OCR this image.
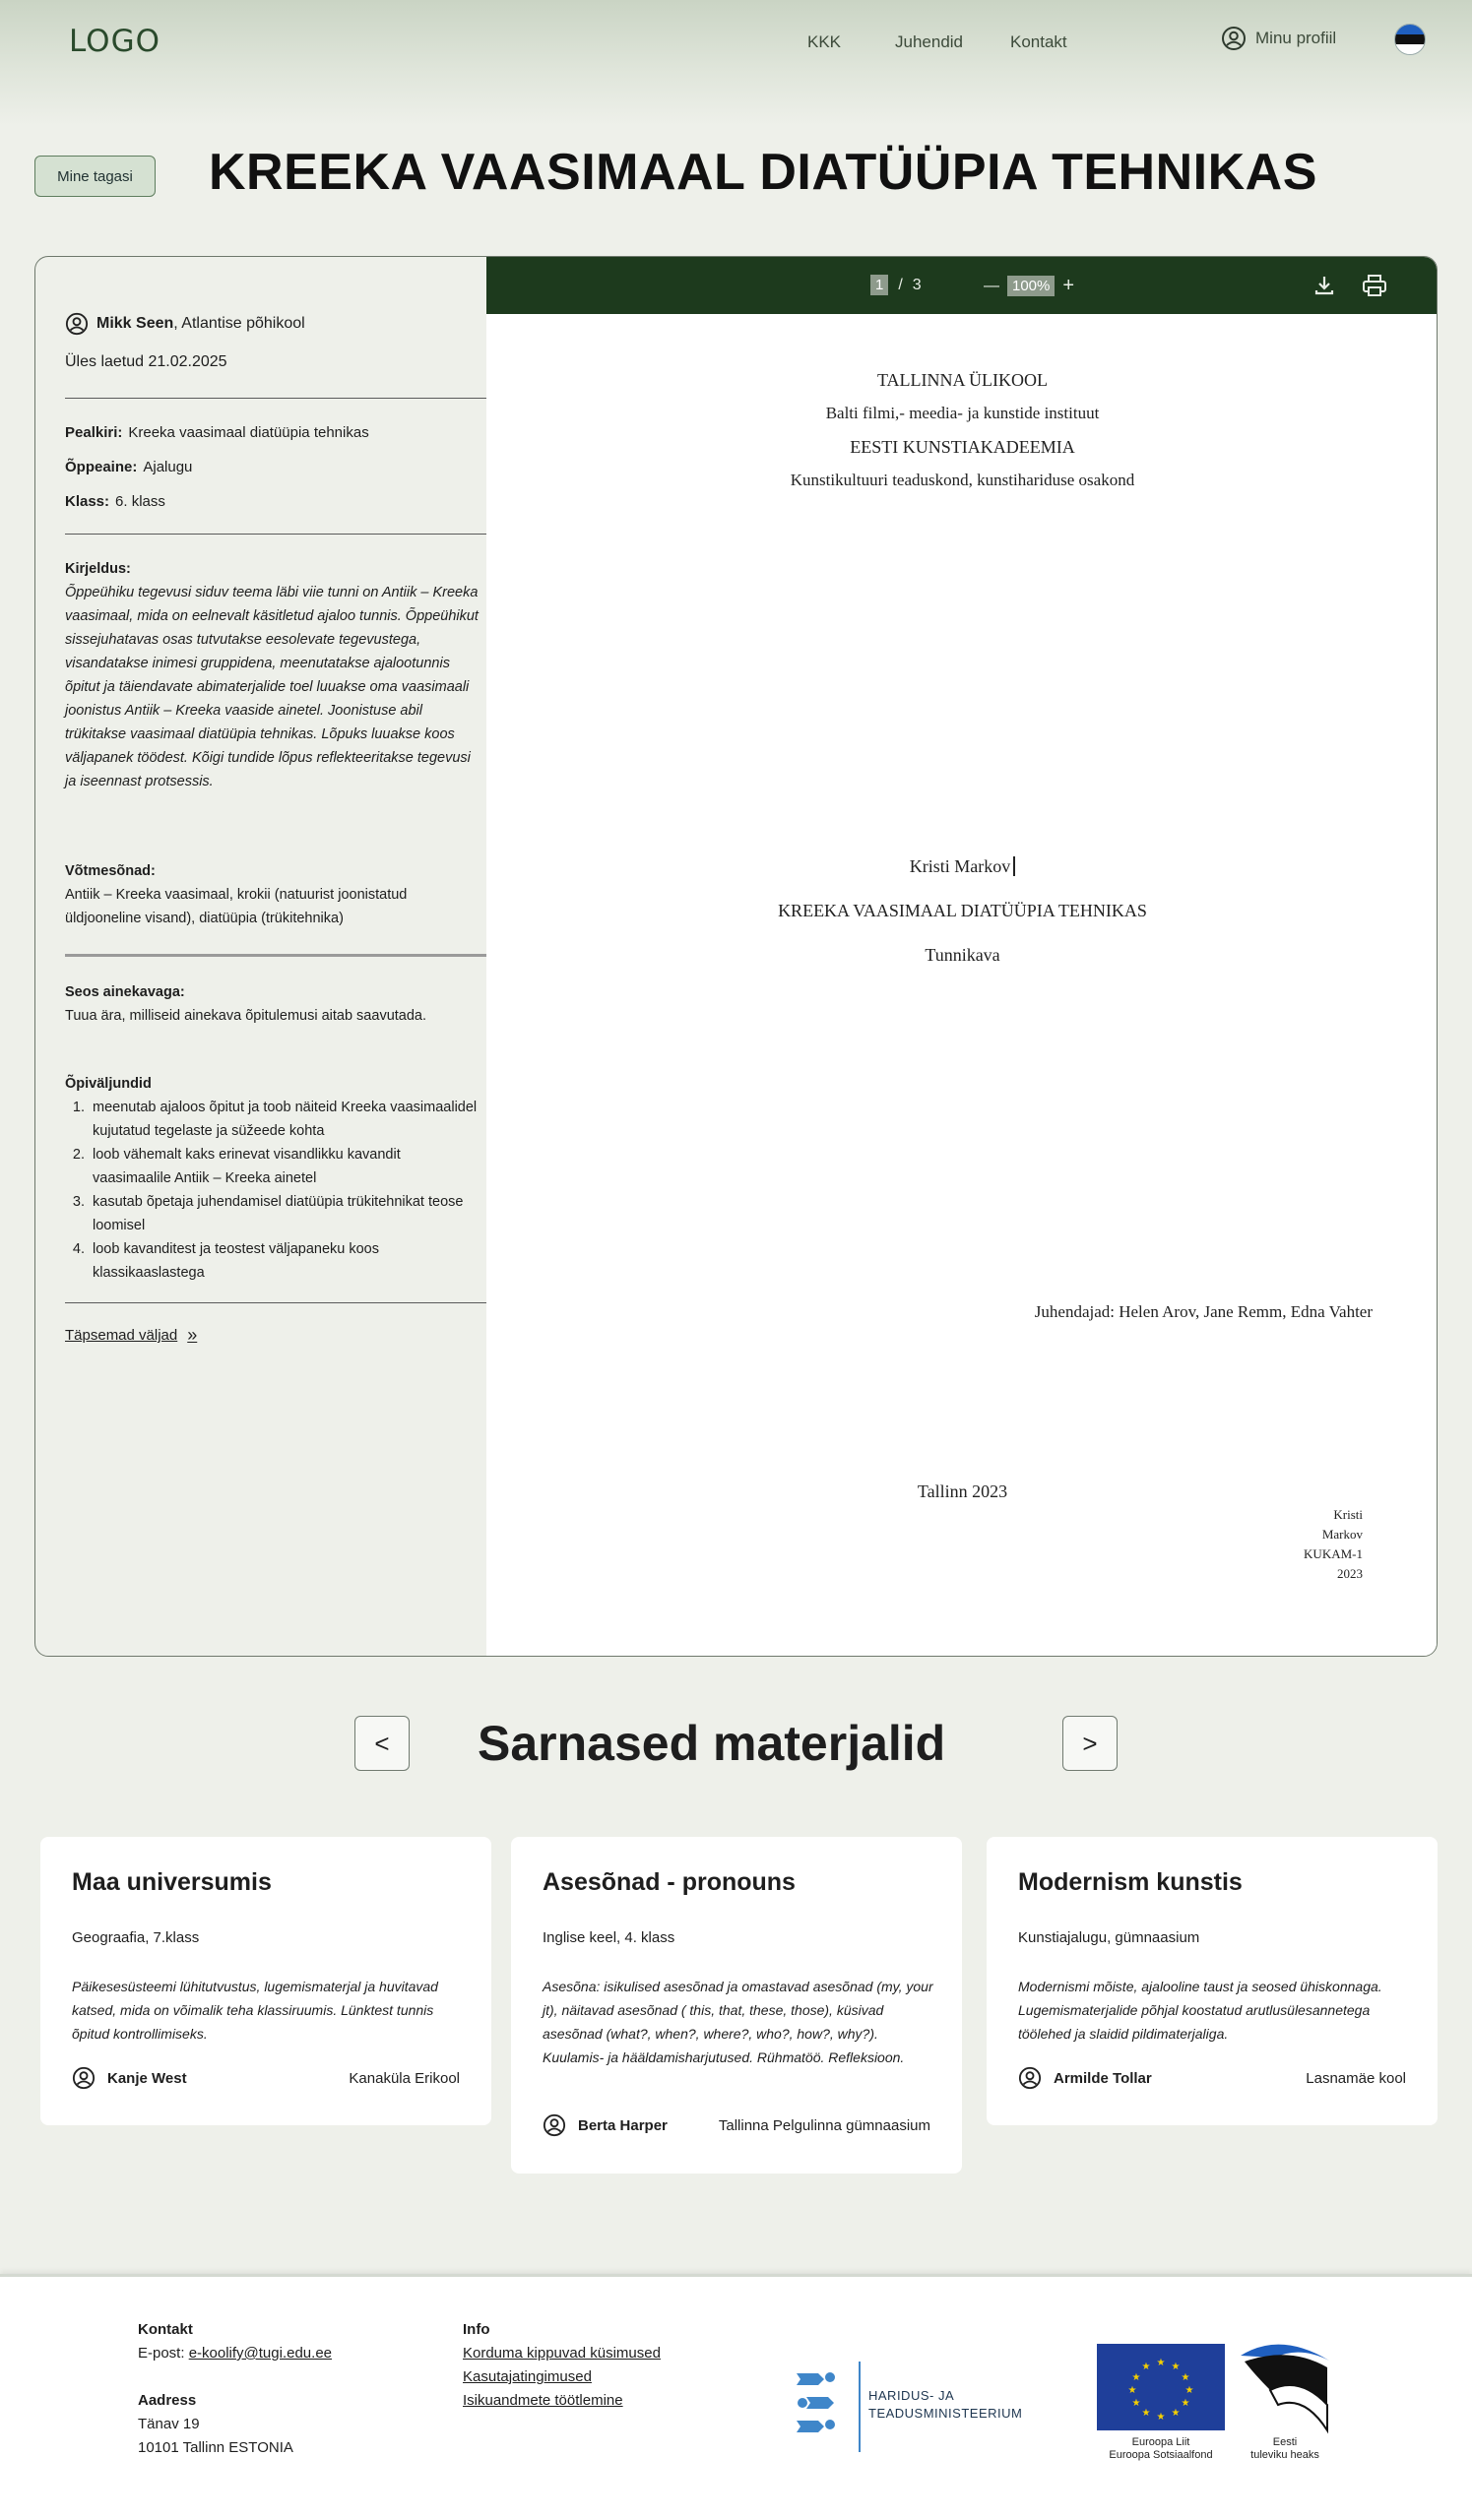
LOGO	KKK	Juhendid	Kontakt	Minu profiil
Mine tagasi	KREEKA VAASIMAAL DIATÜÜPIA TEHNIKAS
Mikk Seen, Atlantise põhikool
Üles laetud 21.02.2025
Pealkiri: Kreeka vaasimaal diatüüpia tehnikas
Õppeaine: Ajalugu
Klass: 6. klass
Kirjeldus:
Õppeühiku tegevusi siduv teema läbi viie tunni on Antiik – Kreeka vaasimaal, mida on eelnevalt käsitletud ajaloo tunnis. Õppeühikut sissejuhatavas osas tutvutakse eesolevate tegevustega, visandatakse inimesi gruppidena, meenutatakse ajalootunnis õpitut ja täiendavate abimaterjalide toel luuakse oma vaasimaali joonistus Antiik – Kreeka vaaside ainetel. Joonistuse abil trükitakse vaasimaal diatüüpia tehnikas. Lõpuks luuakse koos väljapanek töödest. Kõigi tundide lõpus reflekteeritakse tegevusi ja iseennast protsessis.
Võtmesõnad:
Antiik – Kreeka vaasimaal, krokii (natuurist joonistatud üldjooneline visand), diatüüpia (trükitehnika)
Seos ainekavaga:
Tuua ära, milliseid ainekava õpitulemusi aitab saavutada.
Õpiväljundid
1. meenutab ajaloos õpitut ja toob näiteid Kreeka vaasimaalidel kujutatud tegelaste ja süžeede kohta
2. loob vähemalt kaks erinevat visandlikku kavandit vaasimaalile Antiik – Kreeka ainetel
3. kasutab õpetaja juhendamisel diatüüpia trükitehnikat teose loomisel
4. loob kavanditest ja teostest väljapaneku koos klassikaaslastega
Täpsemad väljad »
1 / 3	— 100% +
TALLINNA ÜLIKOOL
Balti filmi,- meedia- ja kunstide instituut
EESTI KUNSTIAKADEEMIA
Kunstikultuuri teaduskond, kunstihariduse osakond
Kristi Markov
KREEKA VAASIMAAL DIATÜÜPIA TEHNIKAS
Tunnikava
Juhendajad: Helen Arov, Jane Remm, Edna Vahter
Tallinn 2023
Kristi
Markov
KUKAM-1
2023
<	Sarnased materjalid	>
Maa universumis
Geograafia, 7.klass
Päikesesüsteemi lühitutvustus, lugemismaterjal ja huvitavad katsed, mida on võimalik teha klassiruumis. Lünktest tunnis õpitud kontrollimiseks.
Kanje West	Kanaküla Erikool
Asesõnad - pronouns
Inglise keel, 4. klass
Asesõna: isikulised asesõnad ja omastavad asesõnad (my, your jt), näitavad asesõnad ( this, that, these, those), küsivad asesõnad (what?, when?, where?, who?, how?, why?). Kuulamis- ja hääldamisharjutused. Rühmatöö. Refleksioon.
Berta Harper	Tallinna Pelgulinna gümnaasium
Modernism kunstis
Kunstiajalugu, gümnaasium
Modernismi mõiste, ajalooline taust ja seosed ühiskonnaga. Lugemismaterjalide põhjal koostatud arutlusülesannetega töölehed ja slaidid pildimaterjaliga.
Armilde Tollar	Lasnamäe kool
Kontakt
E-post: e-koolify@tugi.edu.ee
Aadress
Tänav 19
10101 Tallinn ESTONIA
Info
Korduma kippuvad küsimused
Kasutajatingimused
Isikuandmete töötlemine	HARIDUS- JA
TEADUSMINISTEERIUM
★ ★
★
★
★
★
★
★
★
★
★
★
Euroopa Liit
Euroopa Sotsiaalfond
Eesti
tuleviku heaks
